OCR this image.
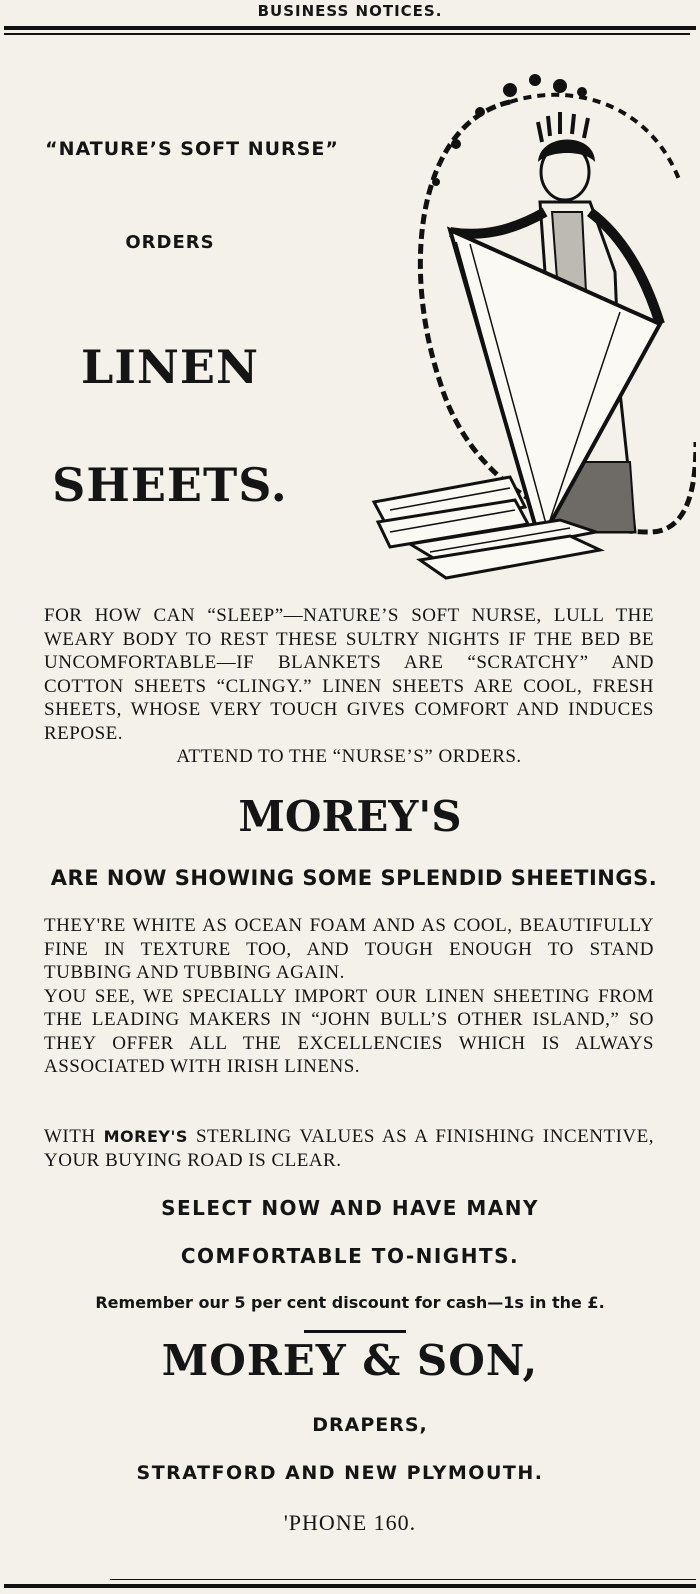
BUSINESS NOTICES.
“NATURE’S SOFT NURSE”
ORDERS
LINEN
SHEETS.
FOR HOW CAN “SLEEP”—NATURE’S SOFT NURSE, LULL THE WEARY BODY TO REST THESE SULTRY NIGHTS IF THE BED BE UNCOMFORTABLE—IF BLANKETS ARE “SCRATCHY” AND COTTON SHEETS “CLINGY.” LINEN SHEETS ARE COOL, FRESH SHEETS, WHOSE VERY TOUCH GIVES COMFORT AND INDUCES REPOSE.
ATTEND TO THE “NURSE’S” ORDERS.
MOREY'S
ARE NOW SHOWING SOME SPLENDID SHEETINGS.
THEY'RE WHITE AS OCEAN FOAM AND AS COOL, BEAUTIFULLY FINE IN TEXTURE TOO, AND TOUGH ENOUGH TO STAND TUBBING AND TUBBING AGAIN.
YOU SEE, WE SPECIALLY IMPORT OUR LINEN SHEETING FROM THE LEADING MAKERS IN “JOHN BULL’S OTHER ISLAND,” SO THEY OFFER ALL THE EXCELLENCIES WHICH IS ALWAYS ASSOCIATED WITH IRISH LINENS.
WITH MOREY'S STERLING VALUES AS A FINISHING INCENTIVE, YOUR BUYING ROAD IS CLEAR.
SELECT NOW AND HAVE MANY
COMFORTABLE TO-NIGHTS.
Remember our 5 per cent discount for cash—1s in the £.
MOREY & SON,
DRAPERS,
STRATFORD AND NEW PLYMOUTH.
'PHONE 160.
